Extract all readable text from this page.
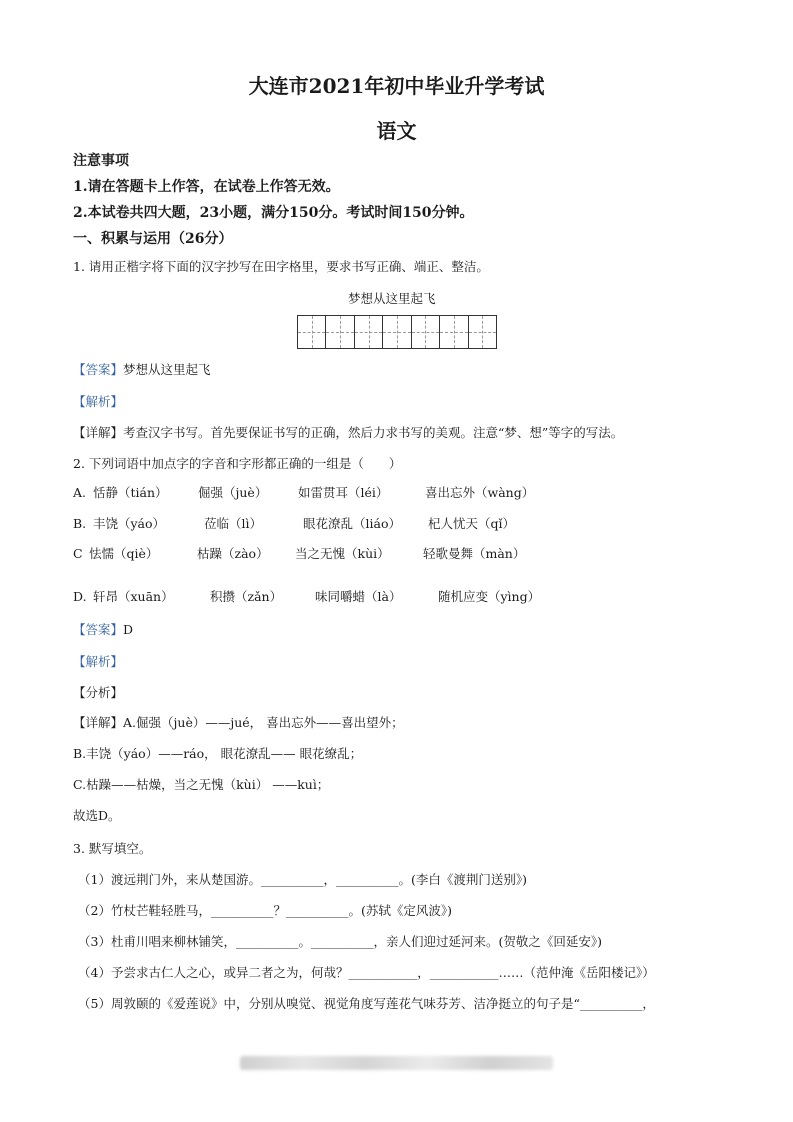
大连市2021年初中毕业升学考试
语文
注意事项
1.请在答题卡上作答，在试卷上作答无效。
2.本试卷共四大题，23小题，满分150分。考试时间150分钟。
一、积累与运用（26分）
1. 请用正楷字将下面的汉字抄写在田字格里，要求书写正确、端正、整洁。
梦想从这里起飞
【答案】梦想从这里起飞
【解析】
【详解】考查汉字书写。首先要保证书写的正确，然后力求书写的美观。注意“梦、想”等字的写法。
2. 下列词语中加点字的字音和字形都正确的一组是（　　）
A. 恬静（tián） 倔强（juè） 如雷贯耳（léi）	喜出忘外（wàng）
B. 丰饶（yáo）	莅临（lì）	眼花潦乱（liáo） 杞人忧天（qǐ）
C 怯懦（qiè）	枯躁（zào） 当之无愧（kùi）	轻歌曼舞（màn）
D. 轩昂（xuān）	积攒（zǎn）	味同嚼蜡（là）	随机应变（yìng）
【答案】D
【解析】
【分析】
【详解】A.倔强（juè）——jué， 喜出忘外——喜出望外；
B.丰饶（yáo）——ráo， 眼花潦乱—— 眼花缭乱；
C.枯躁——枯燥，当之无愧（kùi） ——kuì；
故选D。
3. 默写填空。
（1）渡远荆门外，来从楚国游。__________，__________。(李白《渡荆门送别》)
（2）竹杖芒鞋轻胜马，__________？__________。(苏轼《定风波》)
（3）杜甫川唱来柳林铺笑，__________。__________，亲人们迎过延河来。(贺敬之《回延安》)
（4）予尝求古仁人之心，或异二者之为，何哉？___________，___________……（范仲淹《岳阳楼记》）
（5）周敦颐的《爱莲说》中，分别从嗅觉、视觉角度写莲花气味芬芳、洁净挺立的句子是“__________，
